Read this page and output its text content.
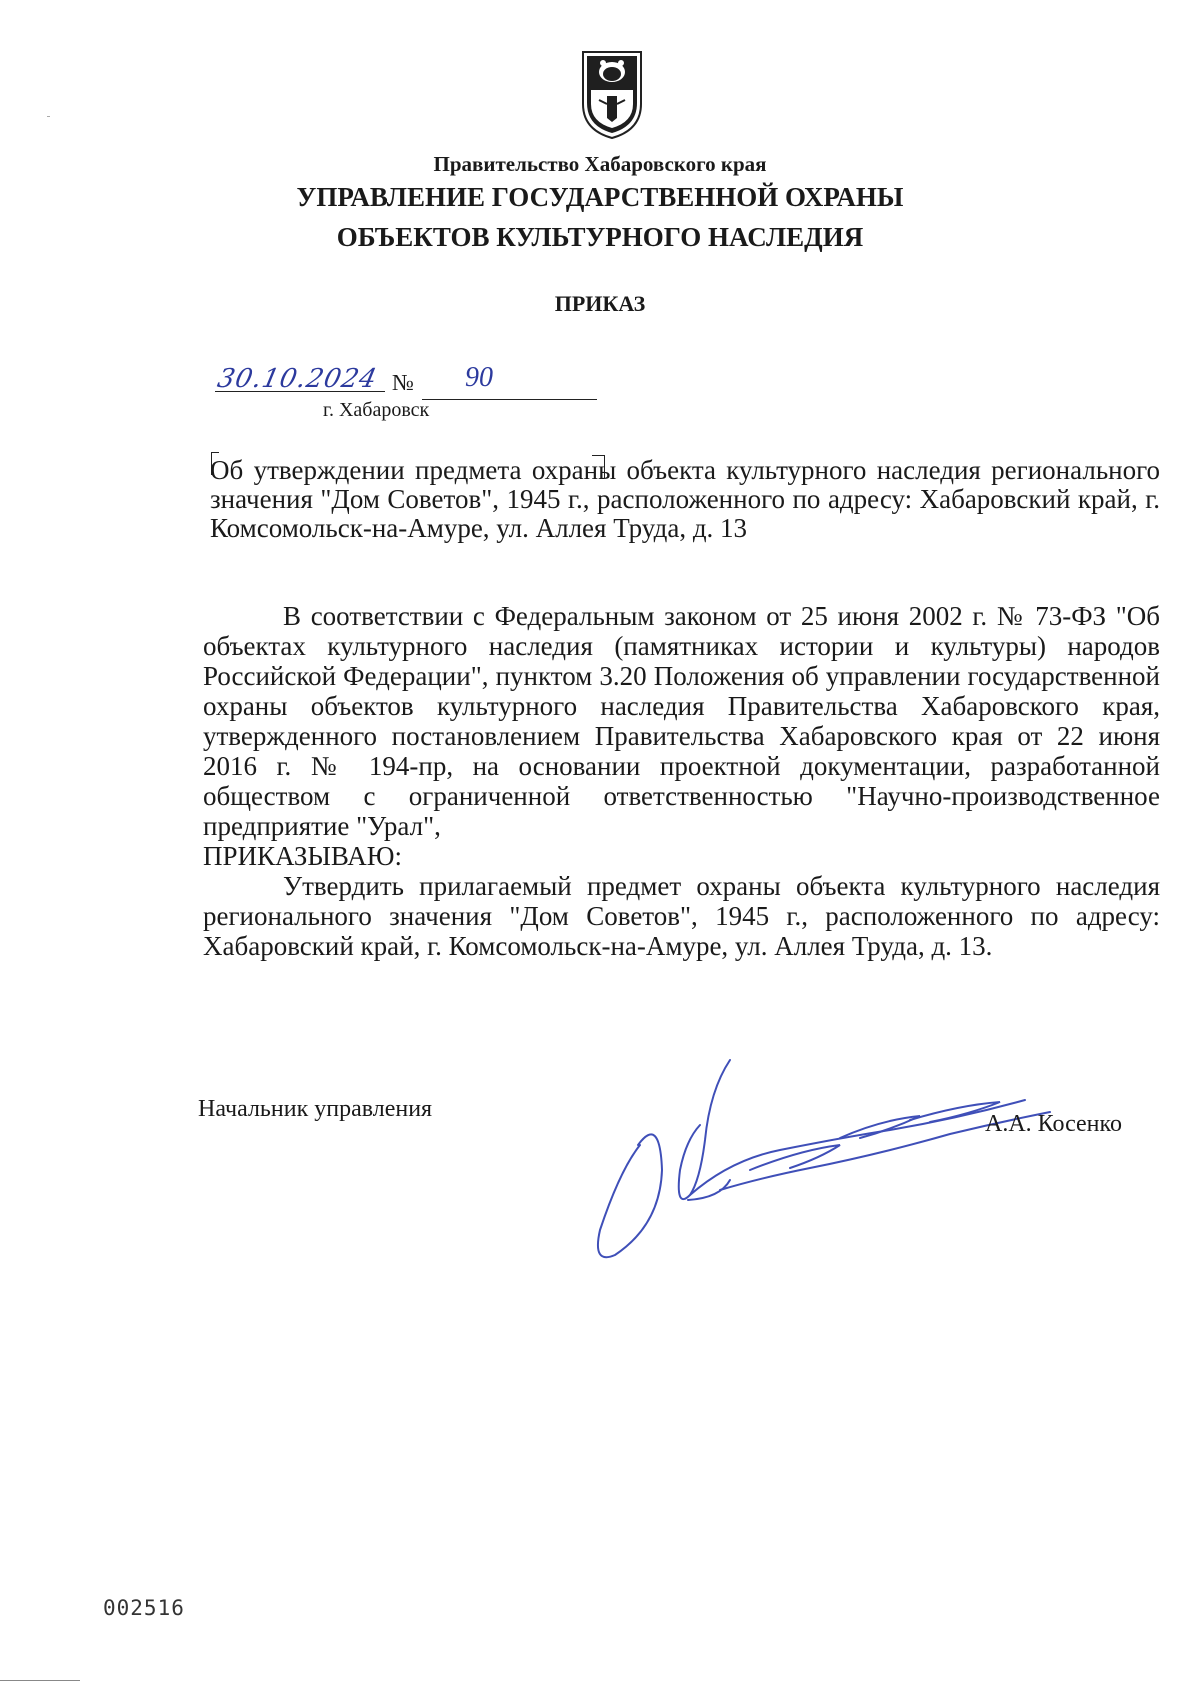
Правительство Хабаровского края
УПРАВЛЕНИЕ ГОСУДАРСТВЕННОЙ ОХРАНЫ
ОБЪЕКТОВ КУЛЬТУРНОГО НАСЛЕДИЯ
ПРИКАЗ
30.10.2024 № 90
г. Хабаровск
Об утверждении предмета охраны объекта культурного наследия регионального значения "Дом Советов", 1945 г., расположенного по адресу: Хабаровский край, г. Комсомольск-на-Амуре, ул. Аллея Труда, д. 13

В соответствии с Федеральным законом от 25 июня 2002 г. № 73-ФЗ "Об объектах культурного наследия (памятниках истории и культуры) народов Российской Федерации", пунктом 3.20 Положения об управлении государственной охраны объектов культурного наследия Правительства Хабаровского края, утвержденного постановлением Правительства Хабаровского края от 22 июня 2016 г. № 194-пр, на основании проектной документации, разработанной обществом с ограниченной ответственностью "Научно-производственное предприятие "Урал",

ПРИКАЗЫВАЮ:

Утвердить прилагаемый предмет охраны объекта культурного наследия регионального значения "Дом Советов", 1945 г., расположенного по адресу: Хабаровский край, г. Комсомольск-на-Амуре, ул. Аллея Труда, д. 13.

Начальник управления
А.А. Косенко
002516
